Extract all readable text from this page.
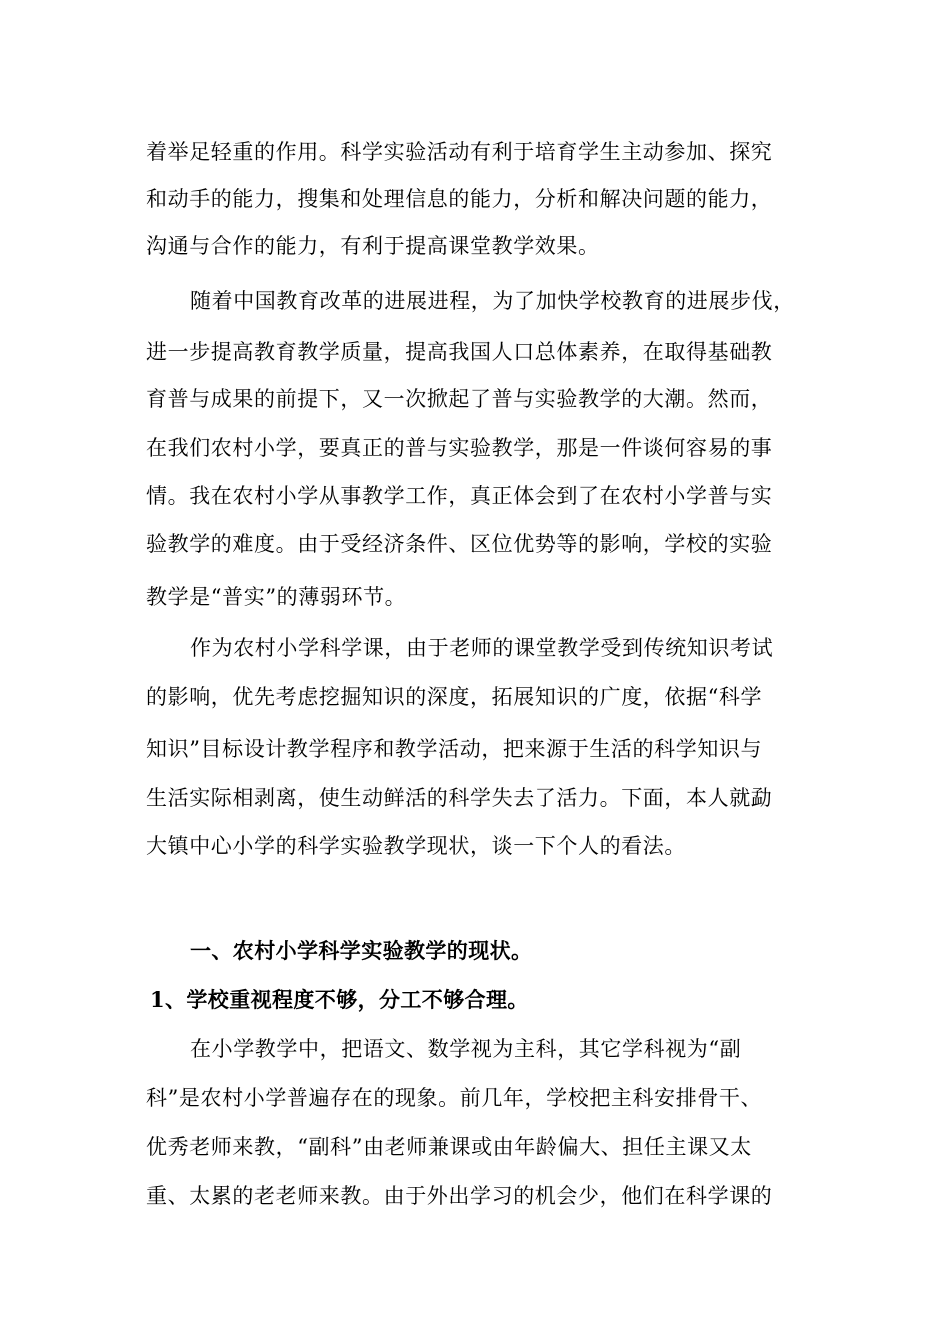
着举足轻重的作用。科学实验活动有利于培育学生主动参加、探究
和动手的能力，搜集和处理信息的能力，分析和解决问题的能力，
沟通与合作的能力，有利于提高课堂教学效果。
随着中国教育改革的进展进程，为了加快学校教育的进展步伐，
进一步提高教育教学质量，提高我国人口总体素养，在取得基础教
育普与成果的前提下，又一次掀起了普与实验教学的大潮。然而，
在我们农村小学，要真正的普与实验教学，那是一件谈何容易的事
情。我在农村小学从事教学工作，真正体会到了在农村小学普与实
验教学的难度。由于受经济条件、区位优势等的影响，学校的实验
教学是“普实”的薄弱环节。
作为农村小学科学课，由于老师的课堂教学受到传统知识考试
的影响，优先考虑挖掘知识的深度，拓展知识的广度，依据“科学
知识”目标设计教学程序和教学活动，把来源于生活的科学知识与
生活实际相剥离，使生动鲜活的科学失去了活力。下面，本人就勐
大镇中心小学的科学实验教学现状，谈一下个人的看法。
一、农村小学科学实验教学的现状。
1、学校重视程度不够，分工不够合理。
在小学教学中，把语文、数学视为主科，其它学科视为“副
科”是农村小学普遍存在的现象。前几年，学校把主科安排骨干、
优秀老师来教，“副科”由老师兼课或由年龄偏大、担任主课又太
重、太累的老老师来教。由于外出学习的机会少，他们在科学课的
